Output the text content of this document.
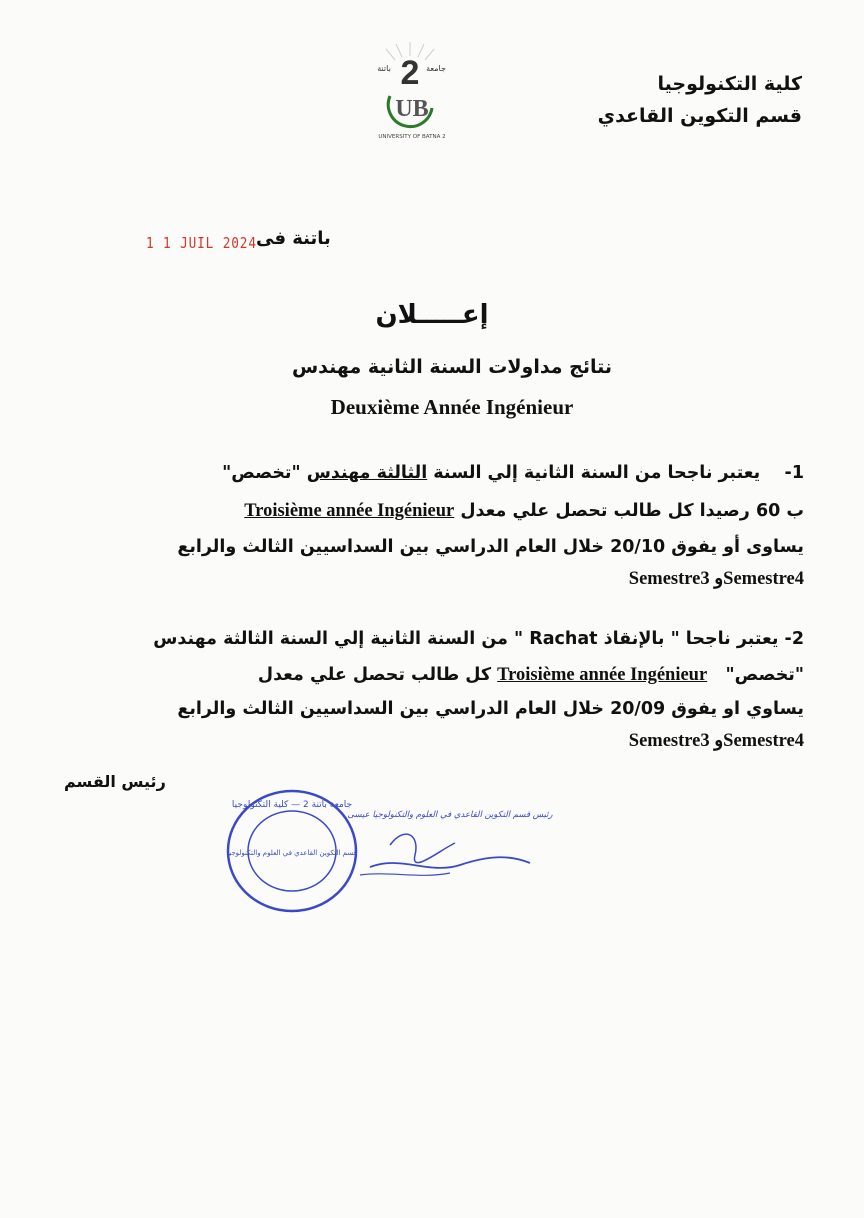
كلية التكنولوجيا
قسم التكوين القاعدي
2
باتنة	جامعة
UB
UNIVERSITY OF BATNA 2
باتنة فى
1 1 JUIL 2024
إعـــــلان
نتائج مداولات السنة الثانية مهندس
Deuxième Année Ingénieur
1-    يعتبر ناجحا من السنة الثانية إلي السنة الثالثة مهندس "تخصص"
Troisième année Ingénieur ب 60 رصيدا كل طالب تحصل علي معدل
يساوى أو يفوق 20/10 خلال العام الدراسي بين السداسيين الثالث والرابع
Semestre3 وSemestre4
2- يعتبر ناجحا " بالإنقاذ Rachat " من السنة الثانية إلي السنة الثالثة مهندس
"تخصص"   Troisième année Ingénieur كل طالب تحصل علي معدل
يساوي او يفوق 20/09 خلال العام الدراسي بين السداسيين الثالث والرابع
Semestre3 وSemestre4
رئيس القسم
جامعة باتنة 2 — كلية التكنولوجيا
قسم التكوين القاعدي في العلوم والتكنولوجيا
رئيس قسم التكوين القاعدي في العلوم والتكنولوجيا عيسى
